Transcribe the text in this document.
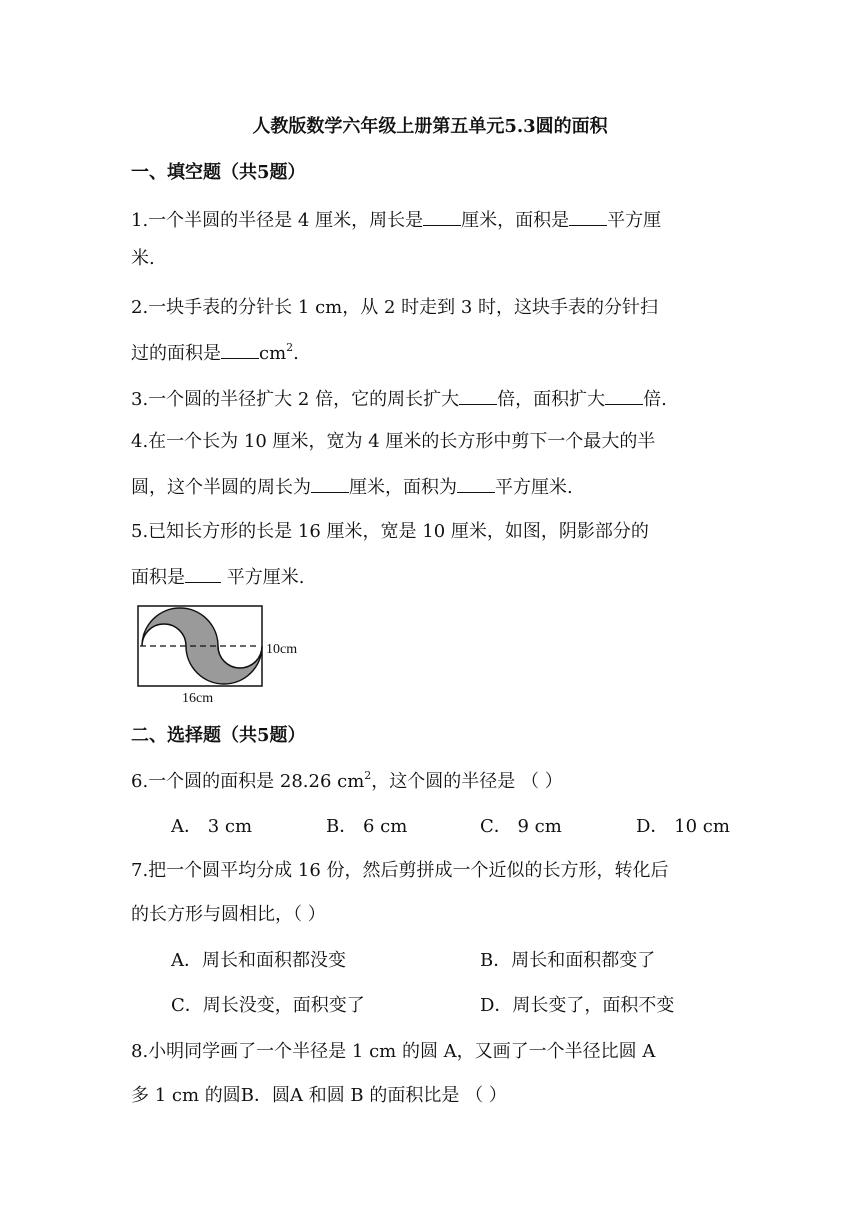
人教版数学六年级上册第五单元5.3圆的面积
一、填空题（共5题）
1.一个半圆的半径是 4 厘米，周长是 厘米，面积是 平方厘
米.
2.一块手表的分针长 1 cm，从 2 时走到 3 时，这块手表的分针扫
过的面积是 $cm^2$.
3.一个圆的半径扩大 2 倍，它的周长扩大 倍，面积扩大 倍.
4.在一个长为 10 厘米，宽为 4 厘米的长方形中剪下一个最大的半
圆，这个半圆的周长为 厘米，面积为 平方厘米.
5.已知长方形的长是 16 厘米，宽是 10 厘米，如图，阴影部分的
面积是 平方厘米.
10cm
16cm
二、选择题（共5题）
6.一个圆的面积是 28.26 $cm^2$，这个圆的半径是 （ ）
A． 3 cm	B． 6 cm	C． 9 cm	D． 10 cm
7.把一个圆平均分成 16 份，然后剪拼成一个近似的长方形，转化后
的长方形与圆相比，（ ）
A．周长和面积都没变	B．周长和面积都变了
C．周长没变，面积变了	D．周长变了，面积不变
8.小明同学画了一个半径是 1 cm 的圆 A，又画了一个半径比圆 A
多 1 cm 的圆B．圆A 和圆 B 的面积比是 （ ）
